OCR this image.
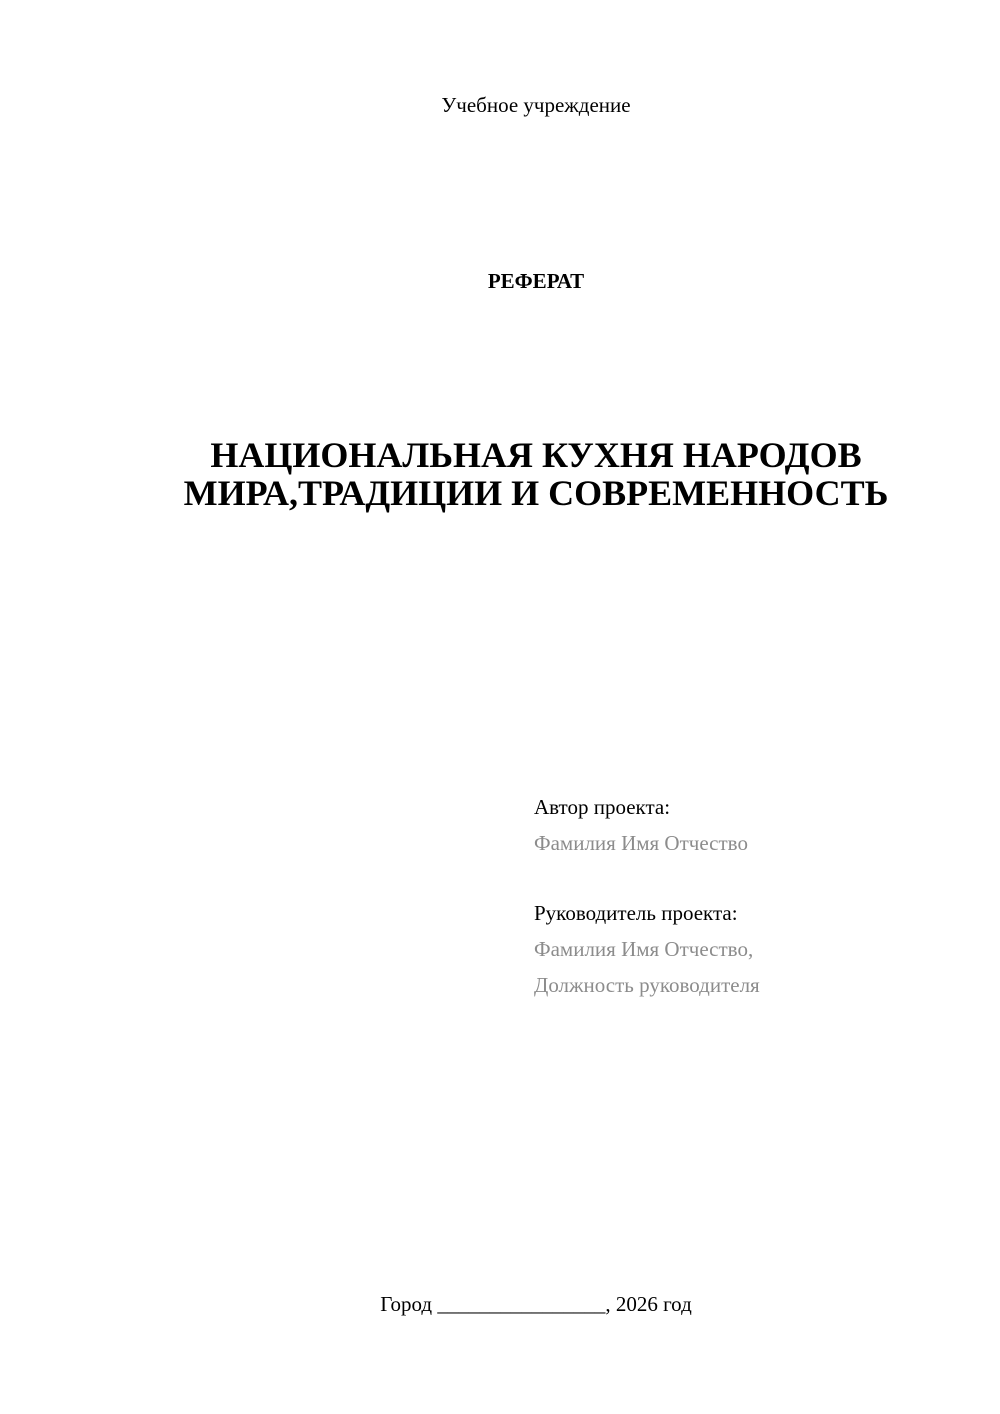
Учебное учреждение
РЕФЕРАТ
НАЦИОНАЛЬНАЯ КУХНЯ НАРОДОВ
МИРА,ТРАДИЦИИ И СОВРЕМЕННОСТЬ
Автор проекта:
Фамилия Имя Отчество
Руководитель проекта:
Фамилия Имя Отчество,
Должность руководителя
Город ________________, 2026 год
